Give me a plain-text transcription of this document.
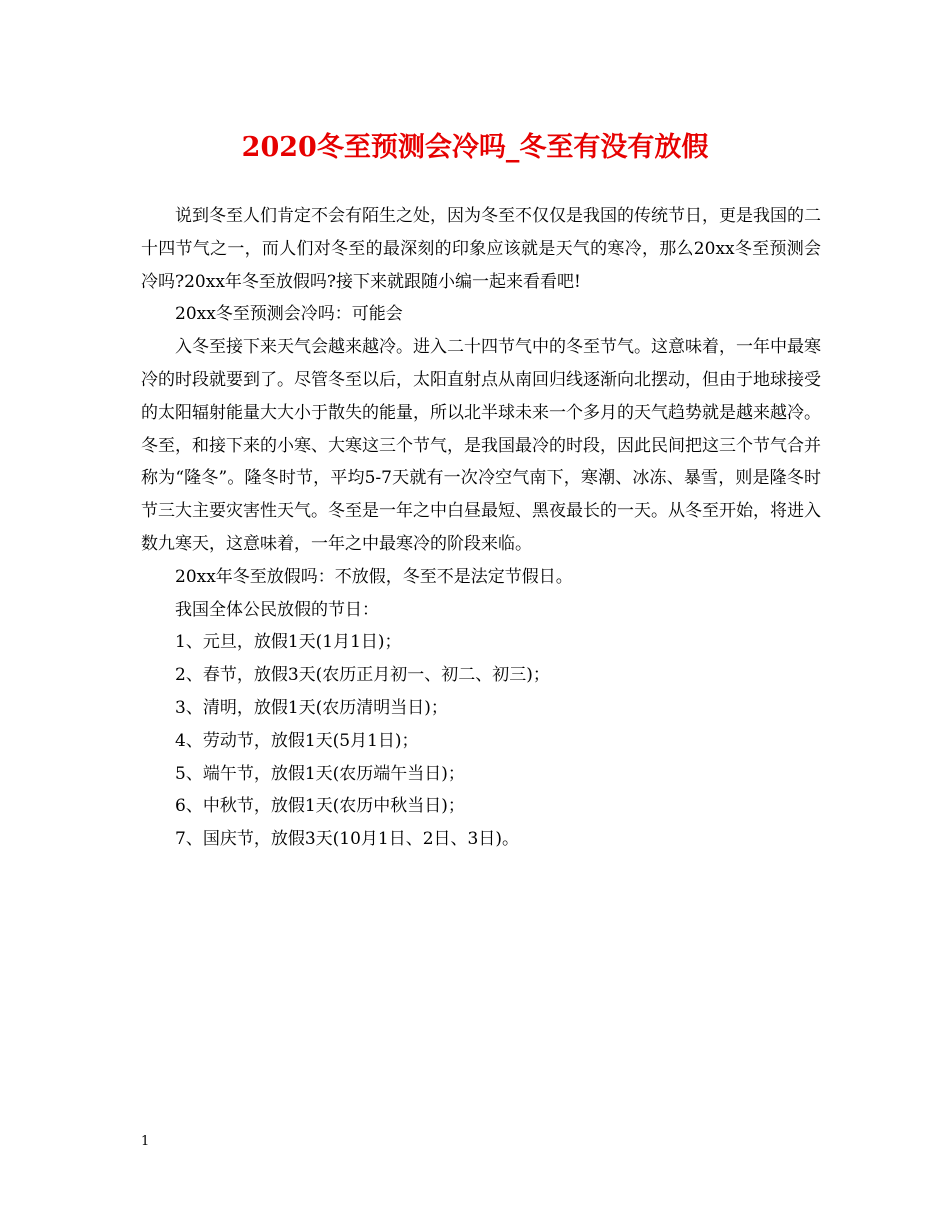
2020冬至预测会冷吗_冬至有没有放假

说到冬至人们肯定不会有陌生之处，因为冬至不仅仅是我国的传统节日，更是我国的二十四节气之一，而人们对冬至的最深刻的印象应该就是天气的寒冷，那么20xx冬至预测会冷吗?20xx年冬至放假吗?接下来就跟随小编一起来看看吧!

20xx冬至预测会冷吗：可能会

入冬至接下来天气会越来越冷。进入二十四节气中的冬至节气。这意味着，一年中最寒冷的时段就要到了。尽管冬至以后，太阳直射点从南回归线逐渐向北摆动，但由于地球接受的太阳辐射能量大大小于散失的能量，所以北半球未来一个多月的天气趋势就是越来越冷。冬至，和接下来的小寒、大寒这三个节气，是我国最冷的时段，因此民间把这三个节气合并称为“隆冬”。隆冬时节，平均5-7天就有一次冷空气南下，寒潮、冰冻、暴雪，则是隆冬时节三大主要灾害性天气。冬至是一年之中白昼最短、黑夜最长的一天。从冬至开始，将进入数九寒天，这意味着，一年之中最寒冷的阶段来临。

20xx年冬至放假吗：不放假，冬至不是法定节假日。

我国全体公民放假的节日：

1、元旦，放假1天(1月1日)；

2、春节，放假3天(农历正月初一、初二、初三)；

3、清明，放假1天(农历清明当日)；

4、劳动节，放假1天(5月1日)；

5、端午节，放假1天(农历端午当日)；

6、中秋节，放假1天(农历中秋当日)；

7、国庆节，放假3天(10月1日、2日、3日)。

1
